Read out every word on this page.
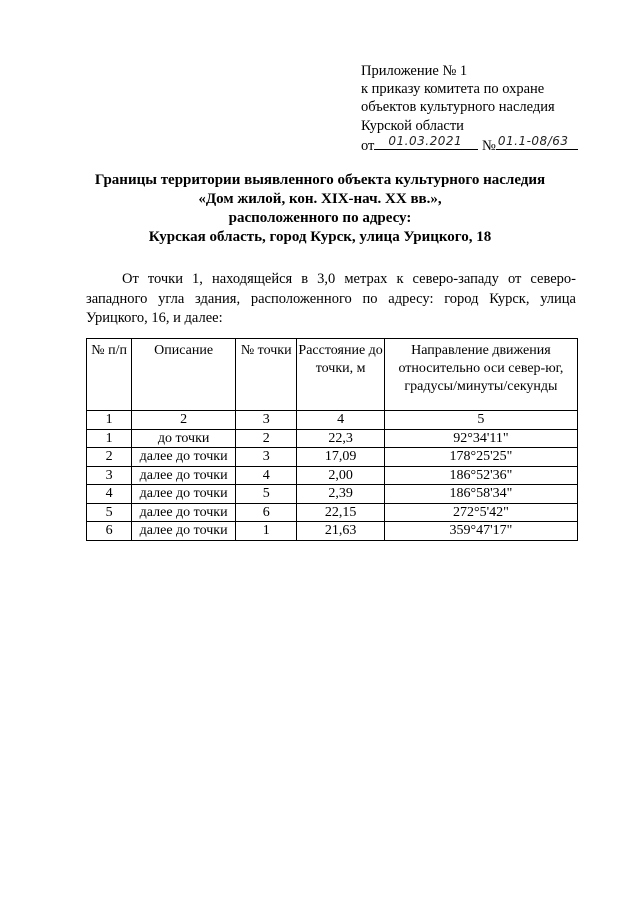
Приложение № 1
к приказу комитета по охране
объектов культурного наследия
Курской области
от 01.03.2021 № 01.1-08/63
Границы территории выявленного объекта культурного наследия
«Дом жилой, кон. XIX-нач. XX вв.»,
расположенного по адресу:
Курская область, город Курск, улица Урицкого, 18
От точки 1, находящейся в 3,0 метрах к северо-западу от северо-западного угла здания, расположенного по адресу: город Курск, улица Урицкого, 16, и далее:
№ п/п	Описание	№ точки	Расстояние до точки, м	Направление движения относительно оси север-юг, градусы/минуты/секунды
1	2	3	4	5
1	до точки	2	22,3	92°34'11"
2	далее до точки	3	17,09	178°25'25"
3	далее до точки	4	2,00	186°52'36"
4	далее до точки	5	2,39	186°58'34"
5	далее до точки	6	22,15	272°5'42"
6	далее до точки	1	21,63	359°47'17"
